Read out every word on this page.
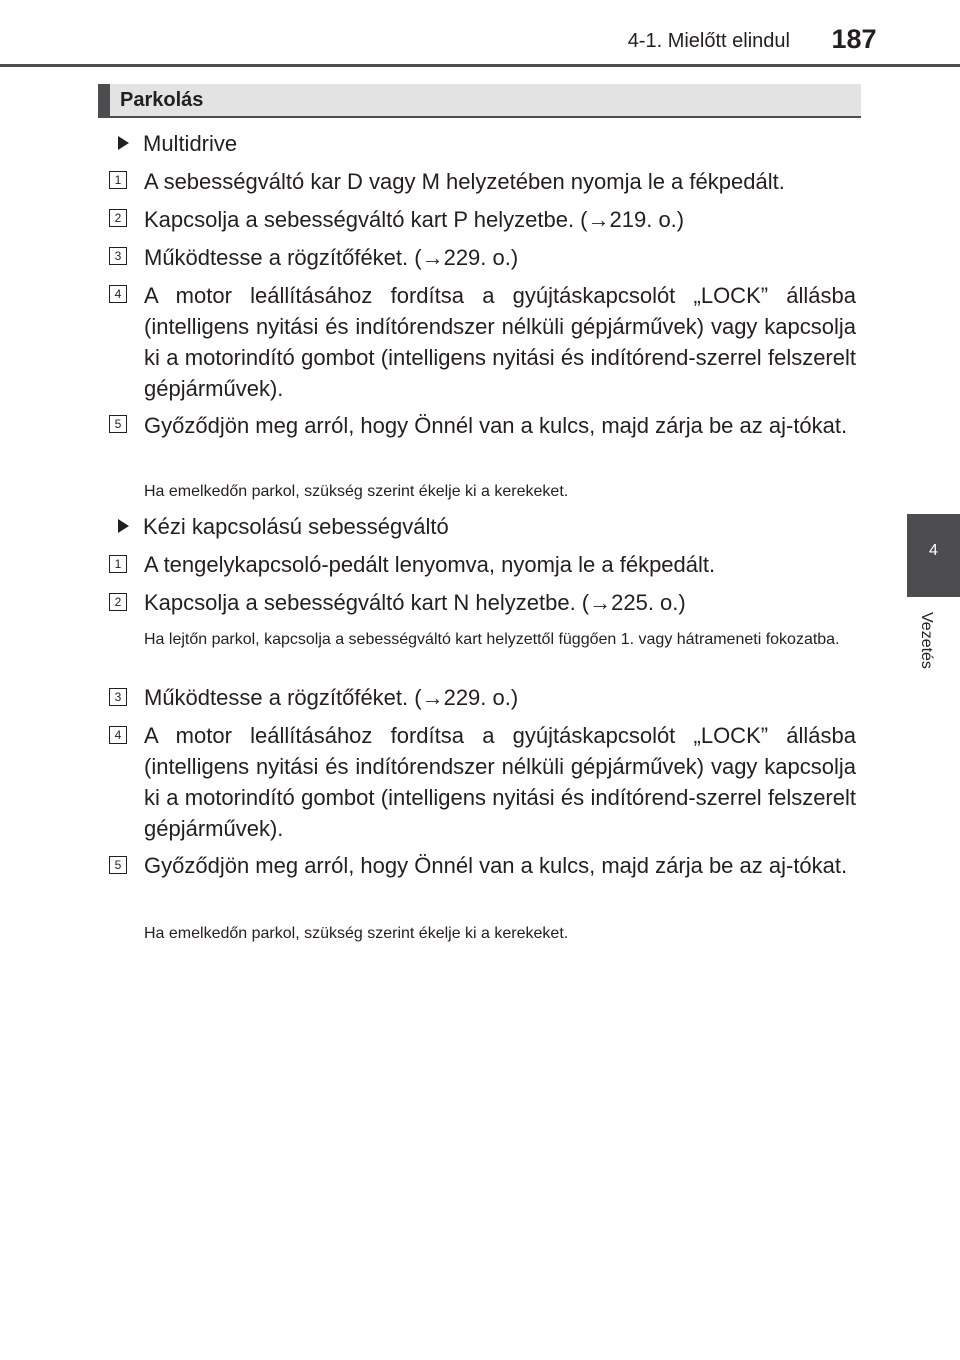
4-1. Mielőtt elindul	187
Parkolás
4
Vezetés
Multidrive
1 A sebességváltó kar D vagy M helyzetében nyomja le a fékpedált.
2 Kapcsolja a sebességváltó kart P helyzetbe. (→219. o.)
3 Működtesse a rögzítőféket. (→229. o.)
4 A motor leállításához fordítsa a gyújtáskapcsolót „LOCK” állásba (intelligens nyitási és indítórendszer nélküli gépjárművek) vagy kapcsolja ki a motorindító gombot (intelligens nyitási és indítórend-szerrel felszerelt gépjárművek).
5 Győződjön meg arról, hogy Önnél van a kulcs, majd zárja be az aj-tókat.
Ha emelkedőn parkol, szükség szerint ékelje ki a kerekeket.
Kézi kapcsolású sebességváltó
1 A tengelykapcsoló-pedált lenyomva, nyomja le a fékpedált.
2 Kapcsolja a sebességváltó kart N helyzetbe. (→225. o.)
Ha lejtőn parkol, kapcsolja a sebességváltó kart helyzettől függően 1. vagy hátrameneti fokozatba.
3 Működtesse a rögzítőféket. (→229. o.)
4 A motor leállításához fordítsa a gyújtáskapcsolót „LOCK” állásba (intelligens nyitási és indítórendszer nélküli gépjárművek) vagy kapcsolja ki a motorindító gombot (intelligens nyitási és indítórend-szerrel felszerelt gépjárművek).
5 Győződjön meg arról, hogy Önnél van a kulcs, majd zárja be az aj-tókat.
Ha emelkedőn parkol, szükség szerint ékelje ki a kerekeket.
